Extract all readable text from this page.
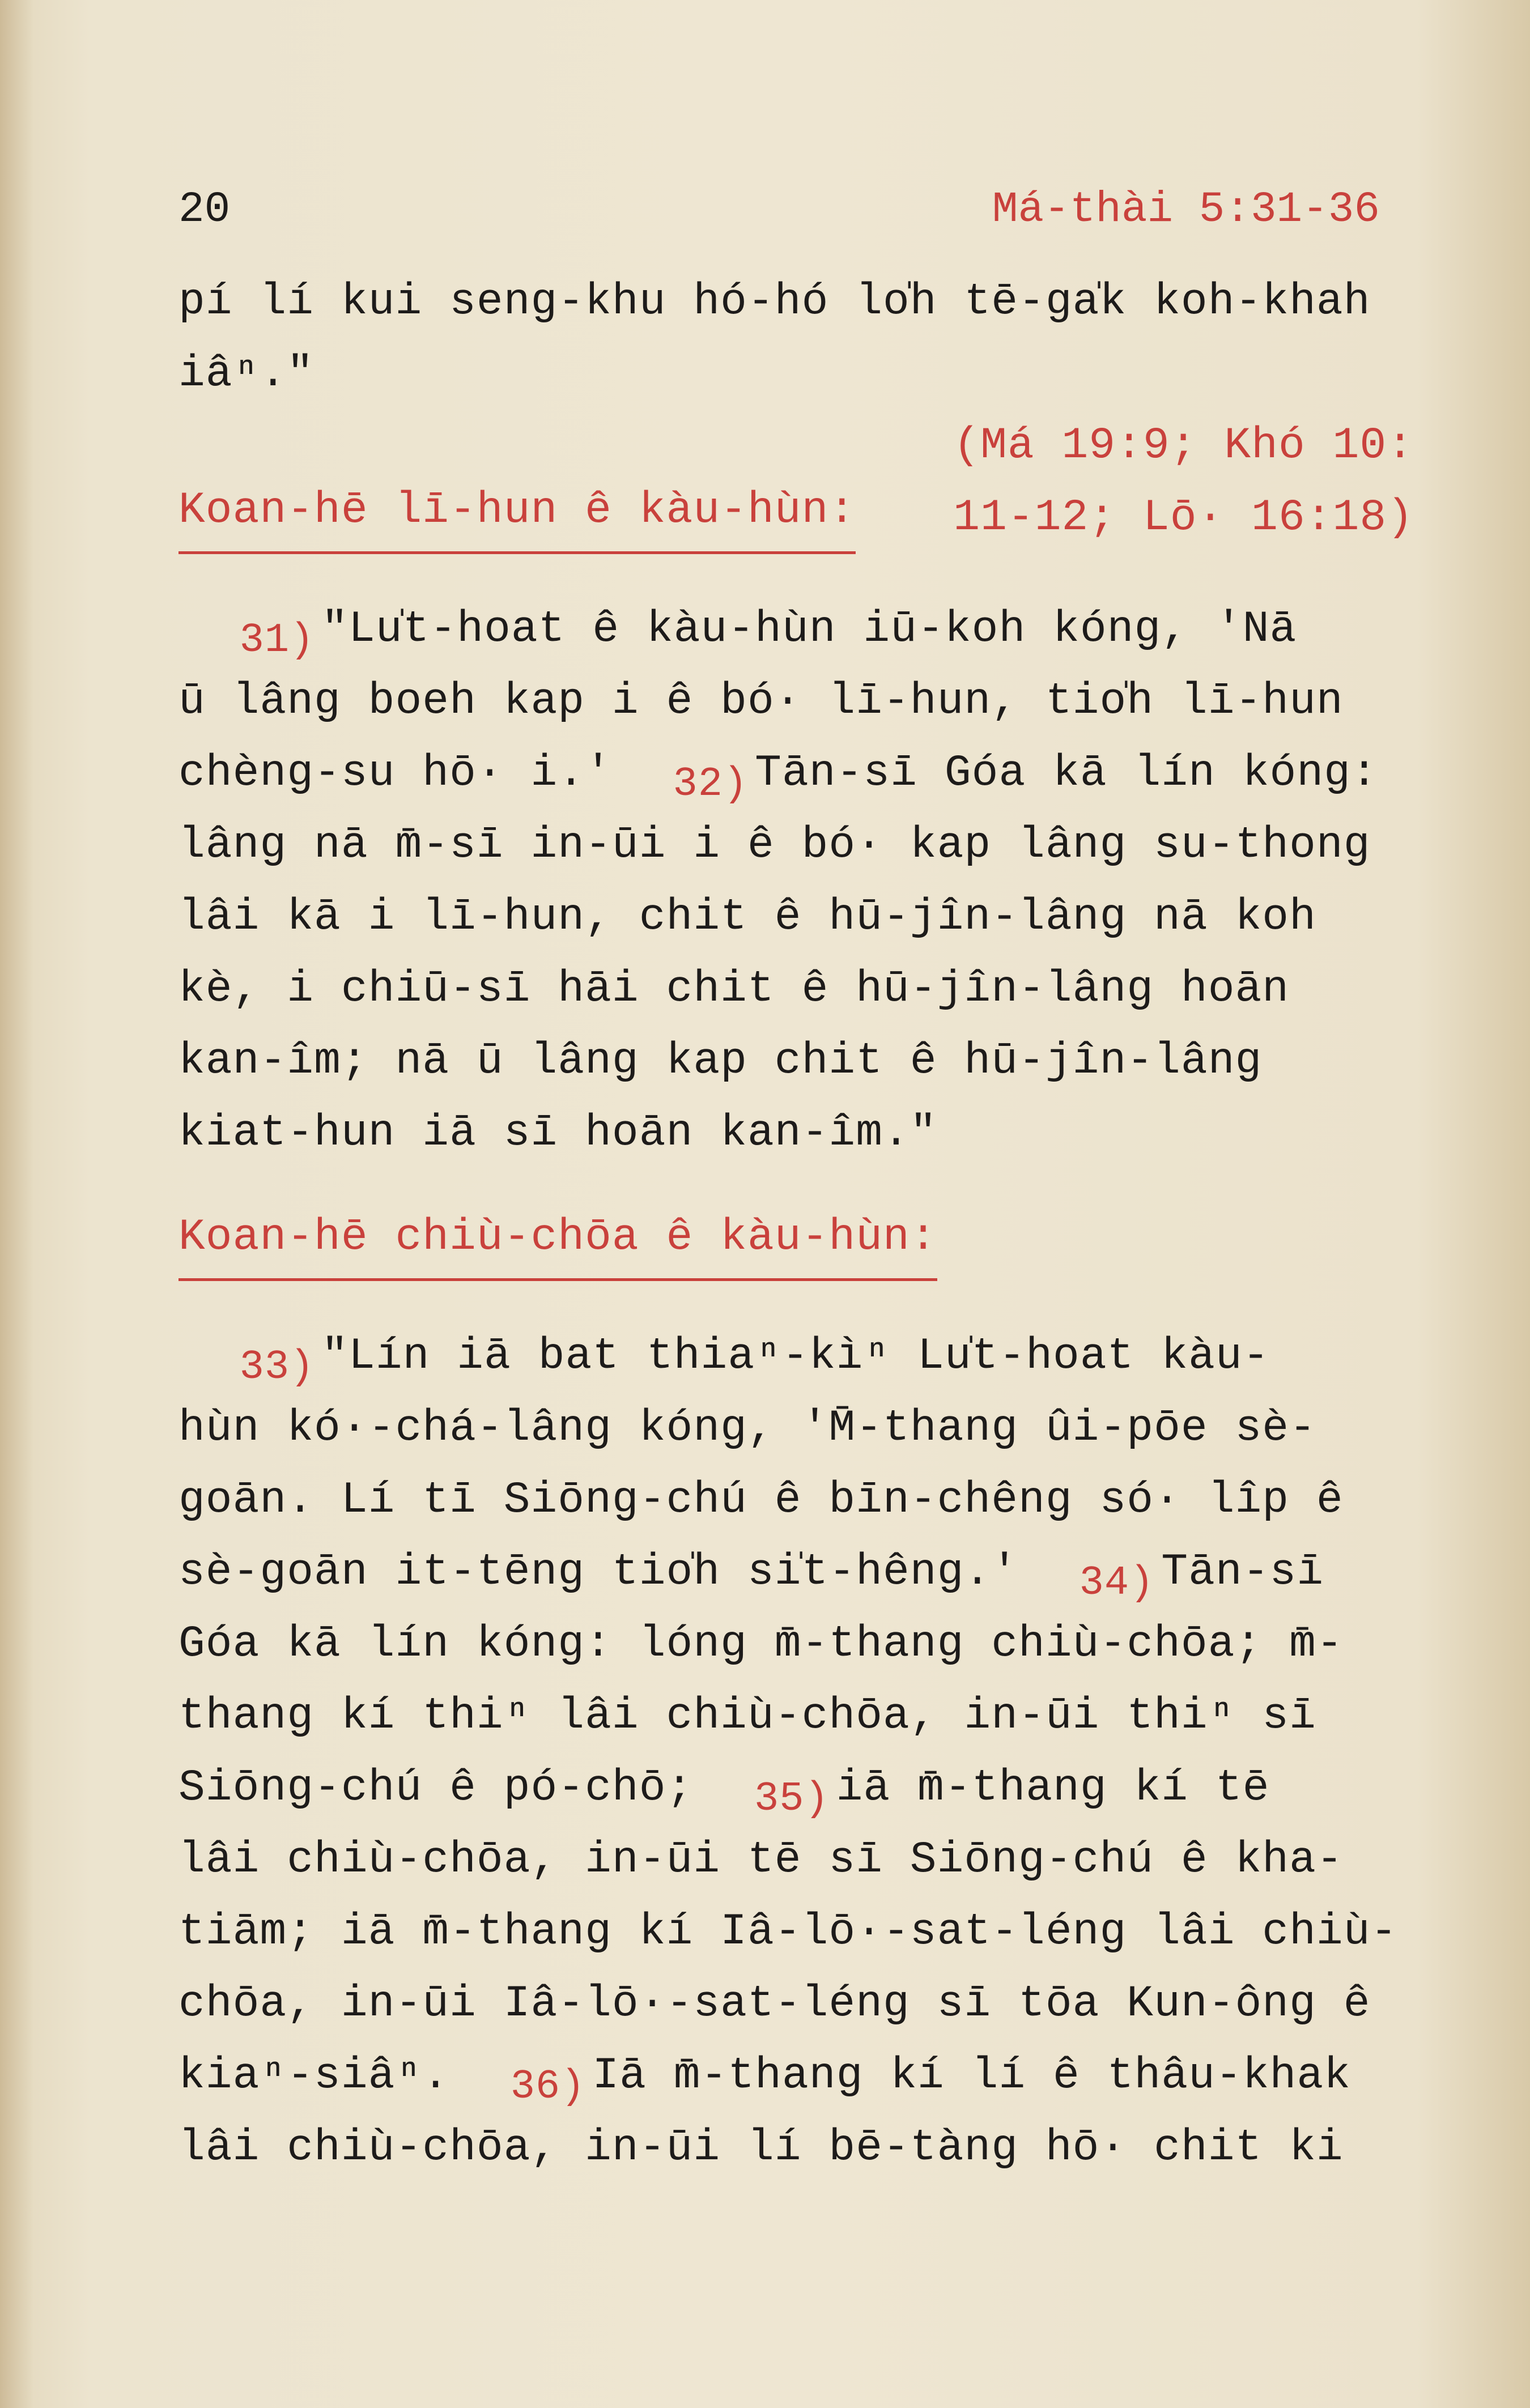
20	Má-thài 5:31-36
pí lí kui seng-khu hó-hó lo̍h tē-ga̍k koh-khah
iâⁿ."
(Má 19:9; Khó 10:
Koan-hē lī-hun ê kàu-hùn: 11-12; Lō· 16:18)
31) "Lu̍t-hoat ê kàu-hùn iū-koh kóng, 'Nā
ū lâng boeh kap i ê bó· lī-hun, tio̍h lī-hun
chèng-su hō· i.' 32) Tān-sī Góa kā lín kóng:
lâng nā m̄-sī in-ūi i ê bó· kap lâng su-thong
lâi kā i lī-hun, chit ê hū-jîn-lâng nā koh
kè, i chiū-sī hāi chit ê hū-jîn-lâng hoān
kan-îm; nā ū lâng kap chit ê hū-jîn-lâng
kiat-hun iā sī hoān kan-îm."
Koan-hē chiù-chōa ê kàu-hùn:
33) "Lín iā bat thiaⁿ-kìⁿ Lu̍t-hoat kàu-
hùn kó·-chá-lâng kóng, 'M̄-thang ûi-pōe sè-
goān. Lí tī Siōng-chú ê bīn-chêng só· lîp ê
sè-goān it-tēng tio̍h si̍t-hêng.' 34) Tān-sī
Góa kā lín kóng: lóng m̄-thang chiù-chōa; m̄-
thang kí thiⁿ lâi chiù-chōa, in-ūi thiⁿ sī
Siōng-chú ê pó-chō; 35) iā m̄-thang kí tē
lâi chiù-chōa, in-ūi tē sī Siōng-chú ê kha-
tiām; iā m̄-thang kí Iâ-lō·-sat-léng lâi chiù-
chōa, in-ūi Iâ-lō·-sat-léng sī tōa Kun-ông ê
kiaⁿ-siâⁿ. 36) Iā m̄-thang kí lí ê thâu-khak
lâi chiù-chōa, in-ūi lí bē-tàng hō· chit ki
